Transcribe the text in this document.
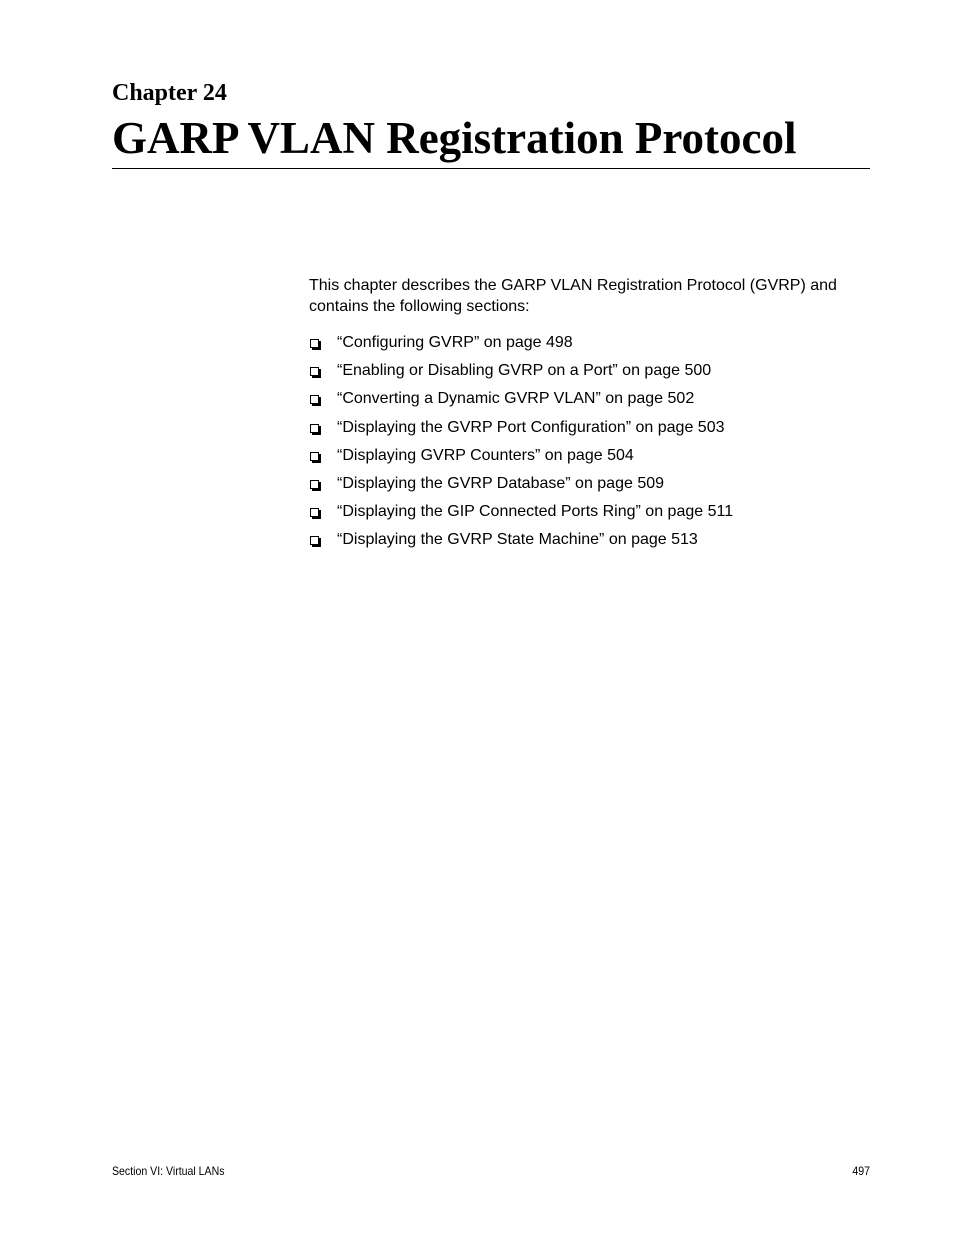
Chapter 24
GARP VLAN Registration Protocol

This chapter describes the GARP VLAN Registration Protocol (GVRP) and contains the following sections:

“Configuring GVRP” on page 498
“Enabling or Disabling GVRP on a Port” on page 500
“Converting a Dynamic GVRP VLAN” on page 502
“Displaying the GVRP Port Configuration” on page 503
“Displaying GVRP Counters” on page 504
“Displaying the GVRP Database” on page 509
“Displaying the GIP Connected Ports Ring” on page 511
“Displaying the GVRP State Machine” on page 513
Section VI: Virtual LANs	497
